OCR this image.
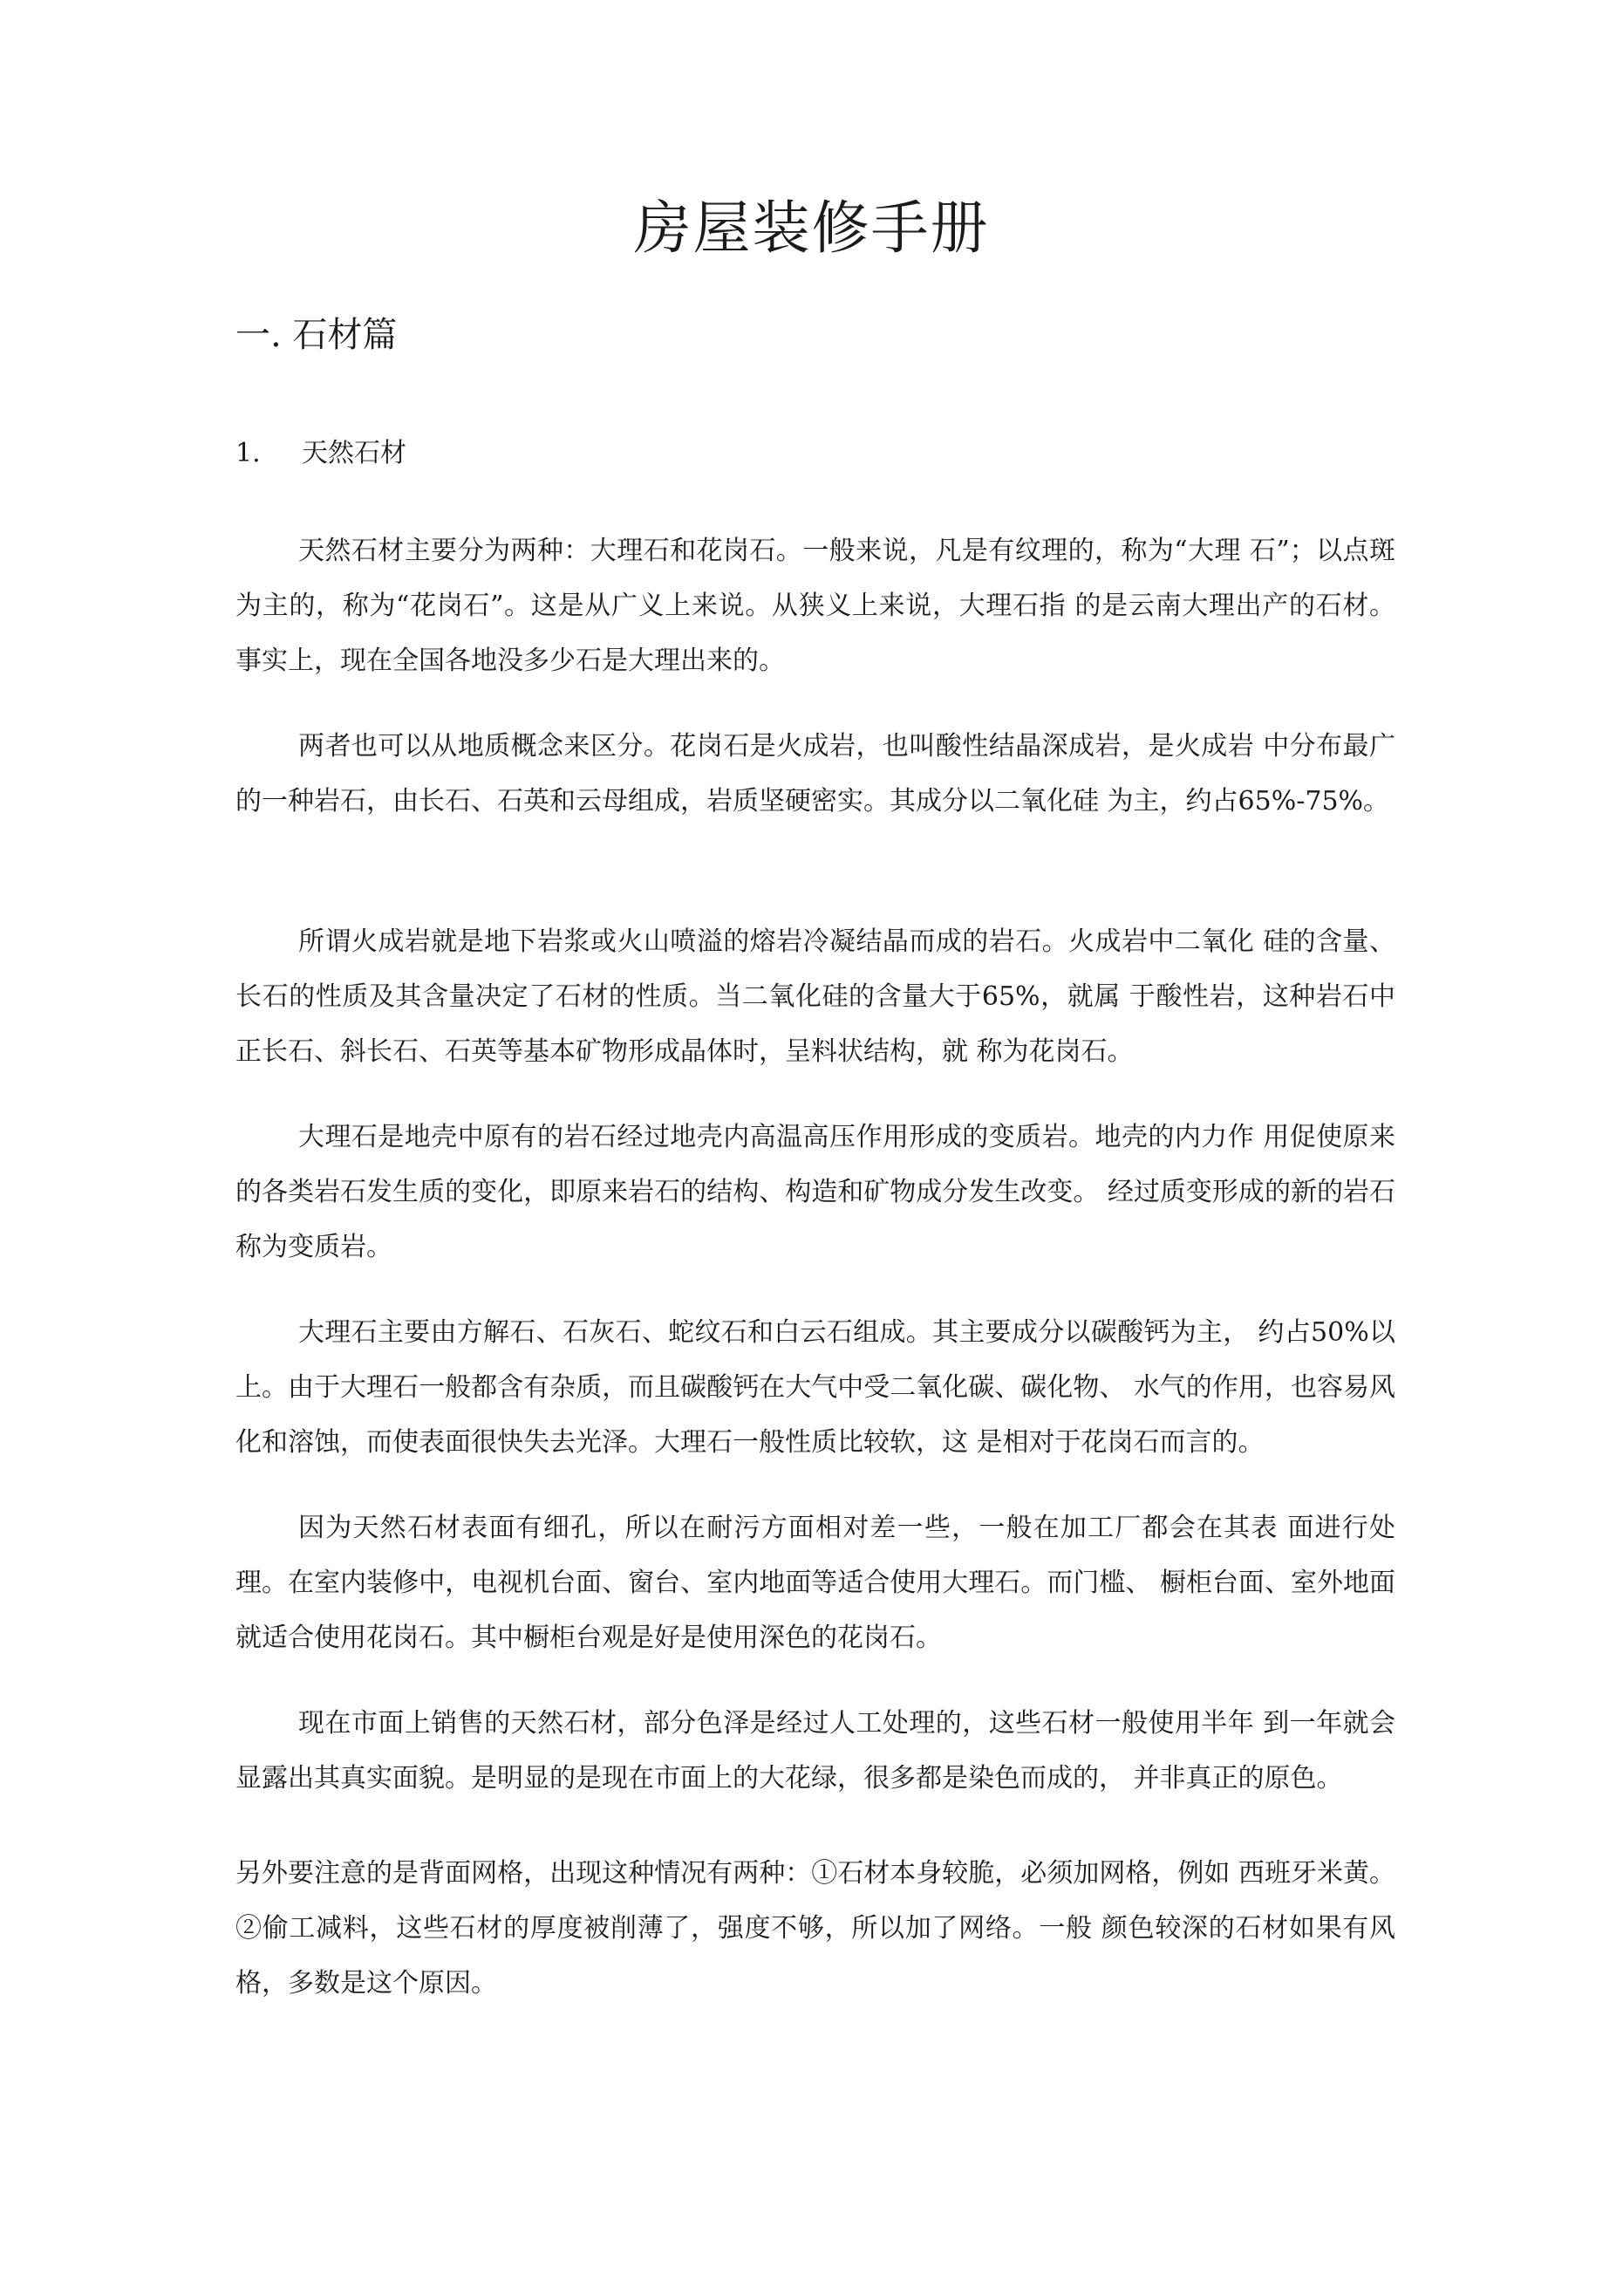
房屋装修手册
一. 石材篇
1. 天然石材

天然石材主要分为两种：大理石和花岗石。一般来说，凡是有纹理的，称为“大理 石”；以点斑为主的，称为“花岗石”。这是从广义上来说。从狭义上来说，大理石指 的是云南大理出产的石材。事实上，现在全国各地没多少石是大理出来的。

两者也可以从地质概念来区分。花岗石是火成岩，也叫酸性结晶深成岩，是火成岩 中分布最广的一种岩石，由长石、石英和云母组成，岩质坚硬密实。其成分以二氧化硅 为主，约占65%-75%。

所谓火成岩就是地下岩浆或火山喷溢的熔岩冷凝结晶而成的岩石。火成岩中二氧化 硅的含量、长石的性质及其含量决定了石材的性质。当二氧化硅的含量大于65%，就属 于酸性岩，这种岩石中正长石、斜长石、石英等基本矿物形成晶体时，呈料状结构，就 称为花岗石。

大理石是地壳中原有的岩石经过地壳内高温高压作用形成的变质岩。地壳的内力作 用促使原来的各类岩石发生质的变化，即原来岩石的结构、构造和矿物成分发生改变。 经过质变形成的新的岩石称为变质岩。

大理石主要由方解石、石灰石、蛇纹石和白云石组成。其主要成分以碳酸钙为主， 约占50%以上。由于大理石一般都含有杂质，而且碳酸钙在大气中受二氧化碳、碳化物、 水气的作用，也容易风化和溶蚀，而使表面很快失去光泽。大理石一般性质比较软，这 是相对于花岗石而言的。

因为天然石材表面有细孔，所以在耐污方面相对差一些，一般在加工厂都会在其表 面进行处理。在室内装修中，电视机台面、窗台、室内地面等适合使用大理石。而门槛、 橱柜台面、室外地面就适合使用花岗石。其中橱柜台观是好是使用深色的花岗石。

现在市面上销售的天然石材，部分色泽是经过人工处理的，这些石材一般使用半年 到一年就会显露出其真实面貌。是明显的是现在市面上的大花绿，很多都是染色而成的， 并非真正的原色。

另外要注意的是背面网格，出现这种情况有两种：①石材本身较脆，必须加网格，例如 西班牙米黄。②偷工减料，这些石材的厚度被削薄了，强度不够，所以加了网络。一般 颜色较深的石材如果有风格，多数是这个原因。
